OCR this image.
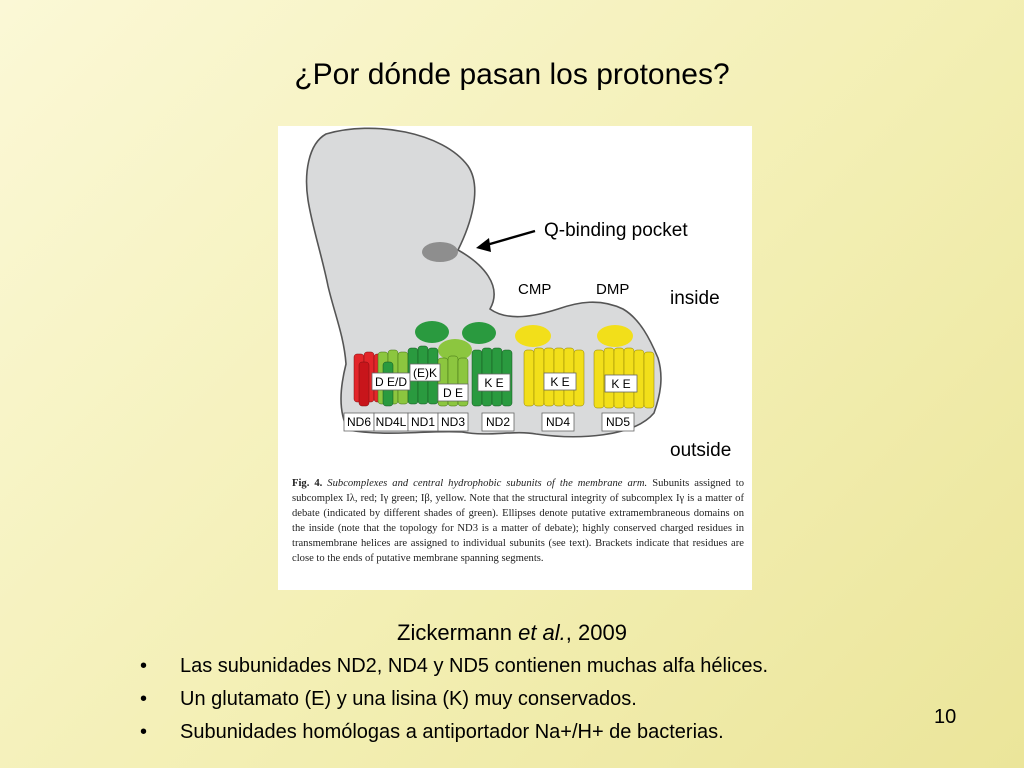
¿Por dónde pasan los protones?
D E/D
(E)K
D E
K E	K E	K E
ND6 ND4L ND1 ND3 ND2	ND4	ND5
Q-binding pocket
CMP	DMP inside
outside
Fig. 4. Subcomplexes and central hydrophobic subunits of the membrane arm. Subunits assigned to subcomplex Iλ, red; Iγ green; Iβ, yellow. Note that the structural integrity of subcomplex Iγ is a matter of debate (indicated by different shades of green). Ellipses denote putative extramembraneous domains on the inside (note that the topology for ND3 is a matter of debate); highly conserved charged residues in transmembrane helices are assigned to individual subunits (see text). Brackets indicate that residues are close to the ends of putative membrane spanning segments.
Zickermann et al., 2009
• Las subunidades ND2, ND4 y ND5 contienen muchas alfa hélices.
• Un glutamato (E) y una lisina (K) muy conservados.
• Subunidades homólogas a antiportador Na+/H+ de bacterias.
10
